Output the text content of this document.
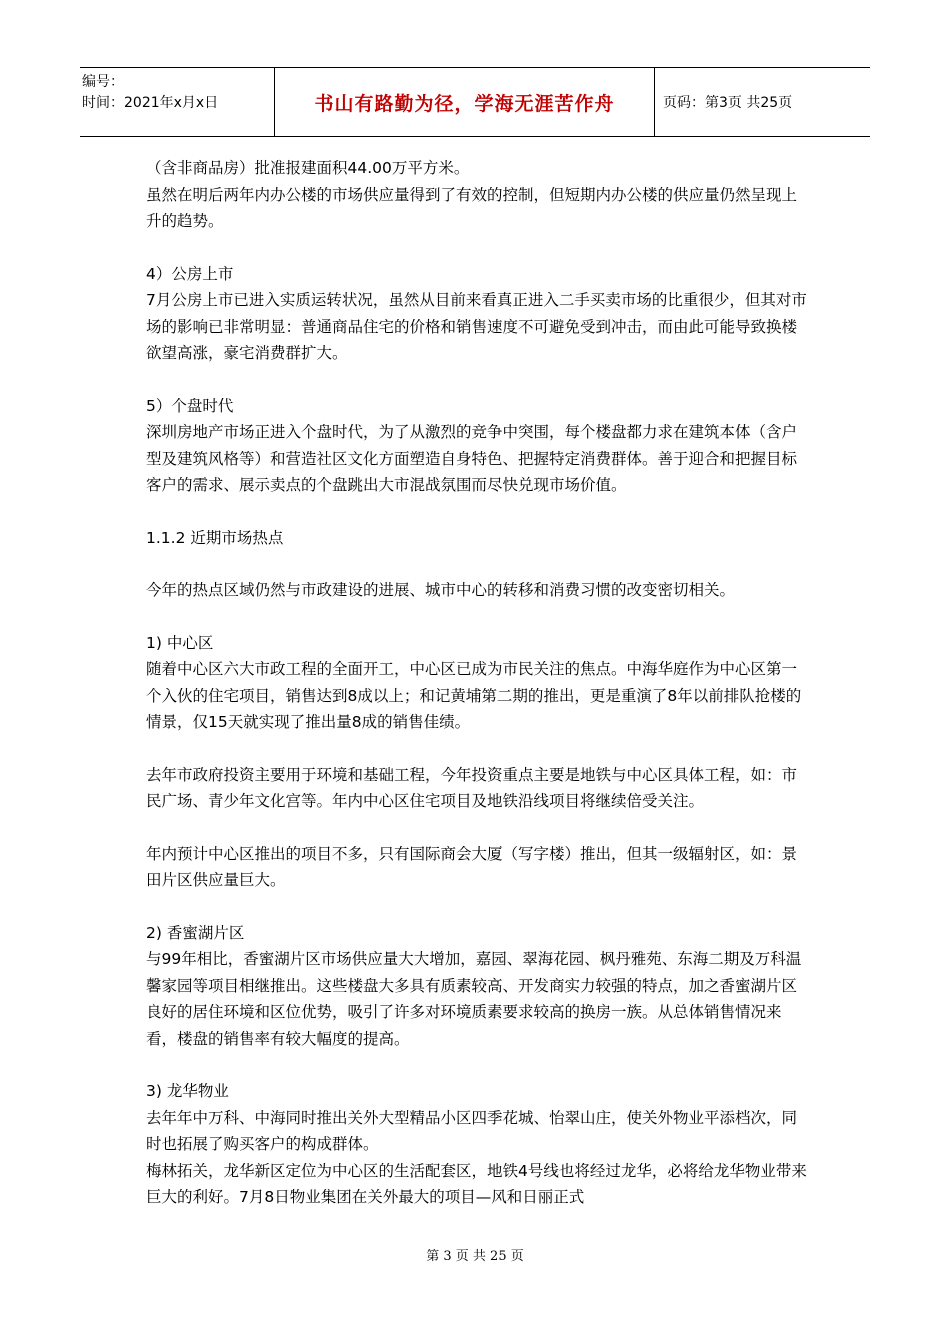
编号：
时间：2021年x月x日	书山有路勤为径，学海无涯苦作舟	页码：第3页 共25页

（含非商品房）批准报建面积44.00万平方米。

虽然在明后两年内办公楼的市场供应量得到了有效的控制，但短期内办公楼的供应量仍然呈现上升的趋势。

4）公房上市

7月公房上市已进入实质运转状况，虽然从目前来看真正进入二手买卖市场的比重很少，但其对市场的影响已非常明显：普通商品住宅的价格和销售速度不可避免受到冲击，而由此可能导致换楼欲望高涨，豪宅消费群扩大。

5）个盘时代

深圳房地产市场正进入个盘时代，为了从激烈的竞争中突围，每个楼盘都力求在建筑本体（含户型及建筑风格等）和营造社区文化方面塑造自身特色、把握特定消费群体。善于迎合和把握目标客户的需求、展示卖点的个盘跳出大市混战氛围而尽快兑现市场价值。

1.1.2 近期市场热点

今年的热点区域仍然与市政建设的进展、城市中心的转移和消费习惯的改变密切相关。

1) 中心区

随着中心区六大市政工程的全面开工，中心区已成为市民关注的焦点。中海华庭作为中心区第一个入伙的住宅项目，销售达到8成以上；和记黄埔第二期的推出，更是重演了8年以前排队抢楼的情景，仅15天就实现了推出量8成的销售佳绩。

去年市政府投资主要用于环境和基础工程，今年投资重点主要是地铁与中心区具体工程，如：市民广场、青少年文化宫等。年内中心区住宅项目及地铁沿线项目将继续倍受关注。

年内预计中心区推出的项目不多，只有国际商会大厦（写字楼）推出，但其一级辐射区，如：景田片区供应量巨大。

2) 香蜜湖片区

与99年相比，香蜜湖片区市场供应量大大增加，嘉园、翠海花园、枫丹雅苑、东海二期及万科温馨家园等项目相继推出。这些楼盘大多具有质素较高、开发商实力较强的特点，加之香蜜湖片区良好的居住环境和区位优势，吸引了许多对环境质素要求较高的换房一族。从总体销售情况来看，楼盘的销售率有较大幅度的提高。

3) 龙华物业

去年年中万科、中海同时推出关外大型精品小区四季花城、怡翠山庄，使关外物业平添档次，同时也拓展了购买客户的构成群体。

梅林拓关，龙华新区定位为中心区的生活配套区，地铁4号线也将经过龙华，必将给龙华物业带来巨大的利好。7月8日物业集团在关外最大的项目—风和日丽正式

第 3 页 共 25 页
